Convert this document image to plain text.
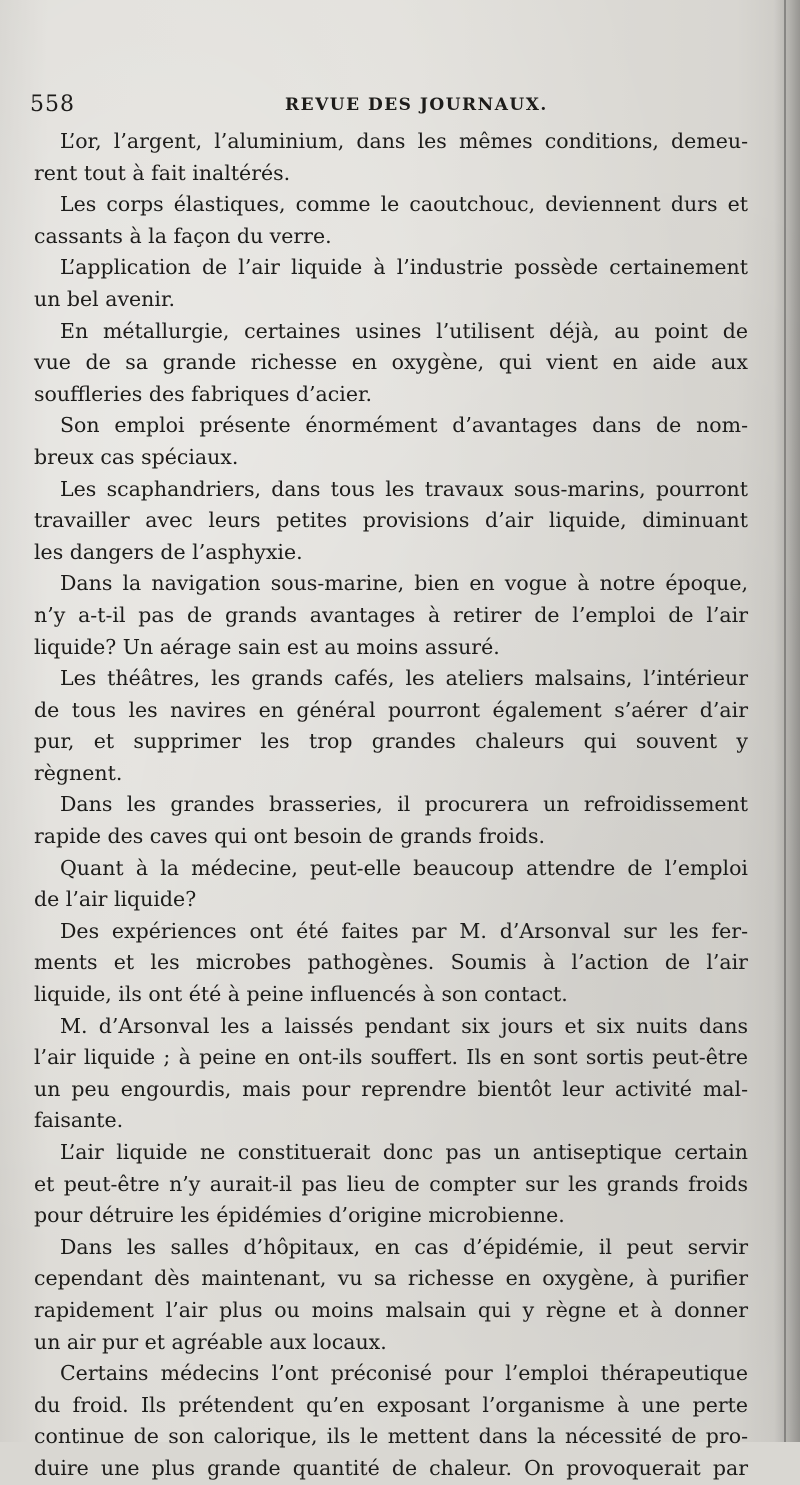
558	REVUE DES JOURNAUX.
L’or, l’argent, l’aluminium, dans les mêmes conditions, demeu-
rent tout à fait inaltérés.
Les corps élastiques, comme le caoutchouc, deviennent durs et
cassants à la façon du verre.
L’application de l’air liquide à l’industrie possède certainement
un bel avenir.
En métallurgie, certaines usines l’utilisent déjà, au point de
vue de sa grande richesse en oxygène, qui vient en aide aux
souffleries des fabriques d’acier.
Son emploi présente énormément d’avantages dans de nom-
breux cas spéciaux.
Les scaphandriers, dans tous les travaux sous-marins, pourront
travailler avec leurs petites provisions d’air liquide, diminuant
les dangers de l’asphyxie.
Dans la navigation sous-marine, bien en vogue à notre époque,
n’y a-t-il pas de grands avantages à retirer de l’emploi de l’air
liquide? Un aérage sain est au moins assuré.
Les théâtres, les grands cafés, les ateliers malsains, l’intérieur
de tous les navires en général pourront également s’aérer d’air
pur, et supprimer les trop grandes chaleurs qui souvent y
règnent.
Dans les grandes brasseries, il procurera un refroidissement
rapide des caves qui ont besoin de grands froids.
Quant à la médecine, peut-elle beaucoup attendre de l’emploi
de l’air liquide?
Des expériences ont été faites par M. d’Arsonval sur les fer-
ments et les microbes pathogènes. Soumis à l’action de l’air
liquide, ils ont été à peine influencés à son contact.
M. d’Arsonval les a laissés pendant six jours et six nuits dans
l’air liquide ; à peine en ont-ils souffert. Ils en sont sortis peut-être
un peu engourdis, mais pour reprendre bientôt leur activité mal-
faisante.
L’air liquide ne constituerait donc pas un antiseptique certain
et peut-être n’y aurait-il pas lieu de compter sur les grands froids
pour détruire les épidémies d’origine microbienne.
Dans les salles d’hôpitaux, en cas d’épidémie, il peut servir
cependant dès maintenant, vu sa richesse en oxygène, à purifier
rapidement l’air plus ou moins malsain qui y règne et à donner
un air pur et agréable aux locaux.
Certains médecins l’ont préconisé pour l’emploi thérapeutique
du froid. Ils prétendent qu’en exposant l’organisme à une perte
continue de son calorique, ils le mettent dans la nécessité de pro-
duire une plus grande quantité de chaleur. On provoquerait par
